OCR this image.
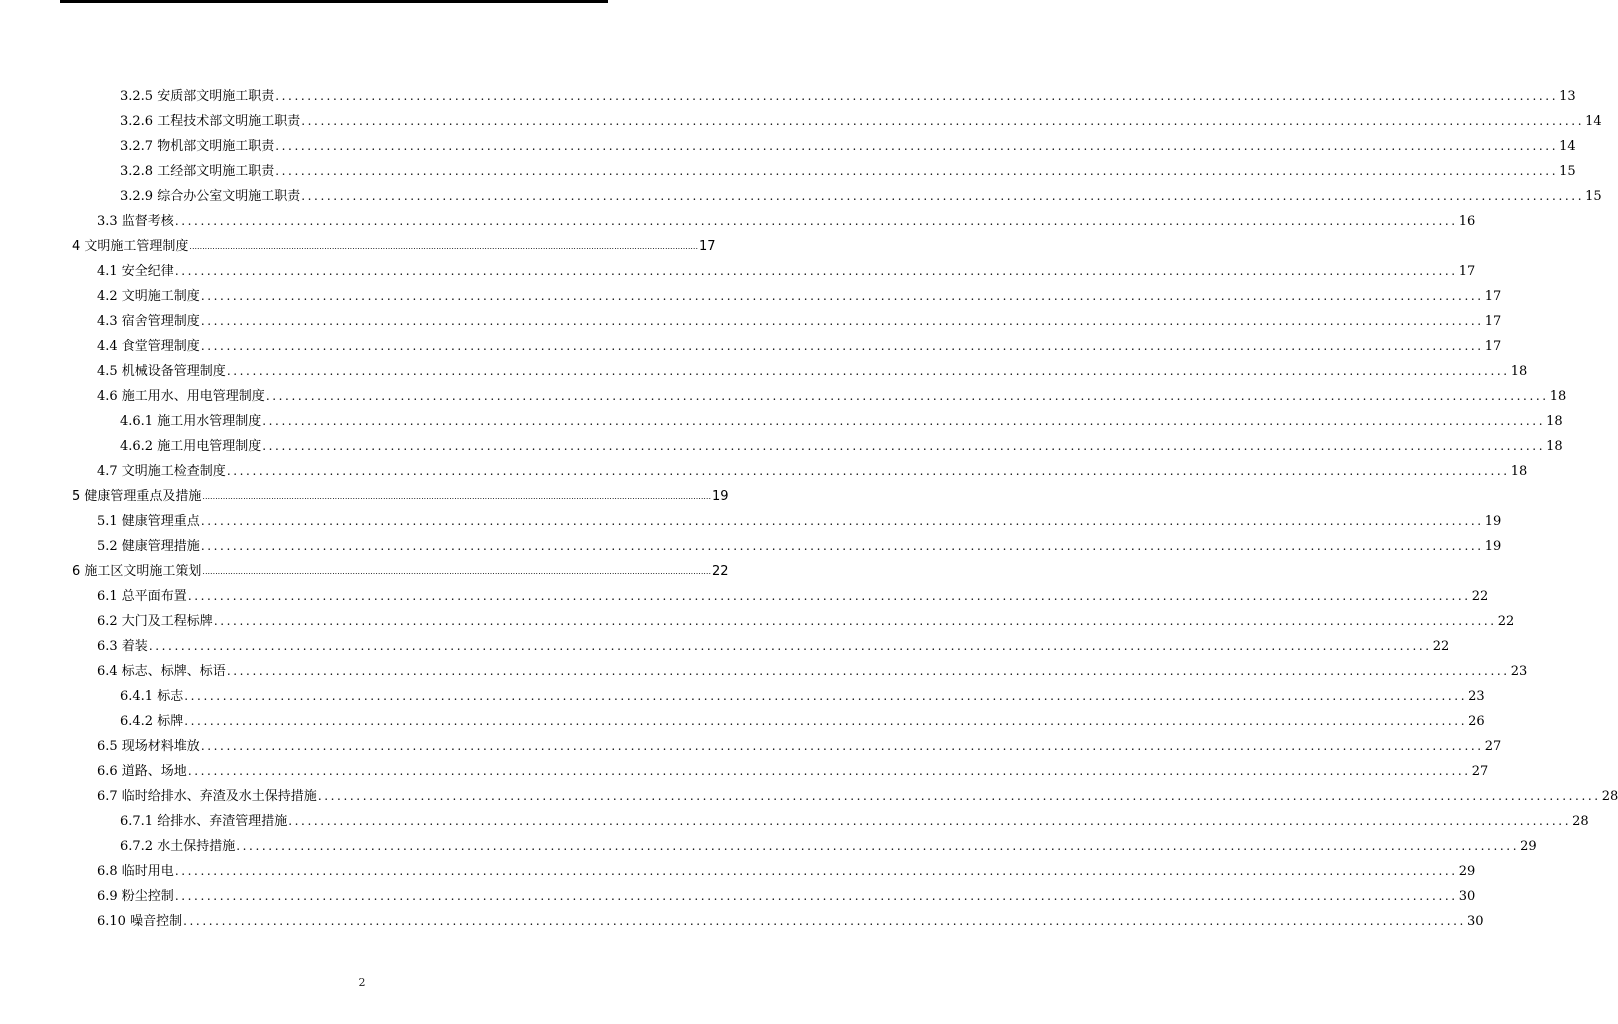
3.2.5 安质部文明施工职责 ........................................................................................................................................................................................................ 13
3.2.6 工程技术部文明施工职责 ........................................................................................................................................................................................................ 14
3.2.7 物机部文明施工职责 ........................................................................................................................................................................................................ 14
3.2.8 工经部文明施工职责 ........................................................................................................................................................................................................ 15
3.2.9 综合办公室文明施工职责 ........................................................................................................................................................................................................ 15
3.3 监督考核 ........................................................................................................................................................................................................ 16
4 文明施工管理制度 ........................................................................................................................................................................................................ 17
4.1 安全纪律 ........................................................................................................................................................................................................ 17
4.2 文明施工制度 ........................................................................................................................................................................................................ 17
4.3 宿舍管理制度 ........................................................................................................................................................................................................ 17
4.4 食堂管理制度 ........................................................................................................................................................................................................ 17
4.5 机械设备管理制度 ........................................................................................................................................................................................................ 18
4.6 施工用水、用电管理制度 ........................................................................................................................................................................................................ 18
4.6.1 施工用水管理制度 ........................................................................................................................................................................................................ 18
4.6.2 施工用电管理制度 ........................................................................................................................................................................................................ 18
4.7 文明施工检查制度 ........................................................................................................................................................................................................ 18
5 健康管理重点及措施 ........................................................................................................................................................................................................ 19
5.1 健康管理重点 ........................................................................................................................................................................................................ 19
5.2 健康管理措施 ........................................................................................................................................................................................................ 19
6 施工区文明施工策划 ........................................................................................................................................................................................................ 22
6.1 总平面布置 ........................................................................................................................................................................................................ 22
6.2 大门及工程标牌 ........................................................................................................................................................................................................ 22
6.3 着装 ........................................................................................................................................................................................................ 22
6.4 标志、标牌、标语 ........................................................................................................................................................................................................ 23
6.4.1 标志 ........................................................................................................................................................................................................ 23
6.4.2 标牌 ........................................................................................................................................................................................................ 26
6.5 现场材料堆放 ........................................................................................................................................................................................................ 27
6.6 道路、场地 ........................................................................................................................................................................................................ 27
6.7 临时给排水、弃渣及水土保持措施 ........................................................................................................................................................................................................ 28
6.7.1 给排水、弃渣管理措施 ........................................................................................................................................................................................................ 28
6.7.2 水土保持措施 ........................................................................................................................................................................................................ 29
6.8 临时用电 ........................................................................................................................................................................................................ 29
6.9 粉尘控制 ........................................................................................................................................................................................................ 30
6.10 噪音控制 ........................................................................................................................................................................................................ 30
2
